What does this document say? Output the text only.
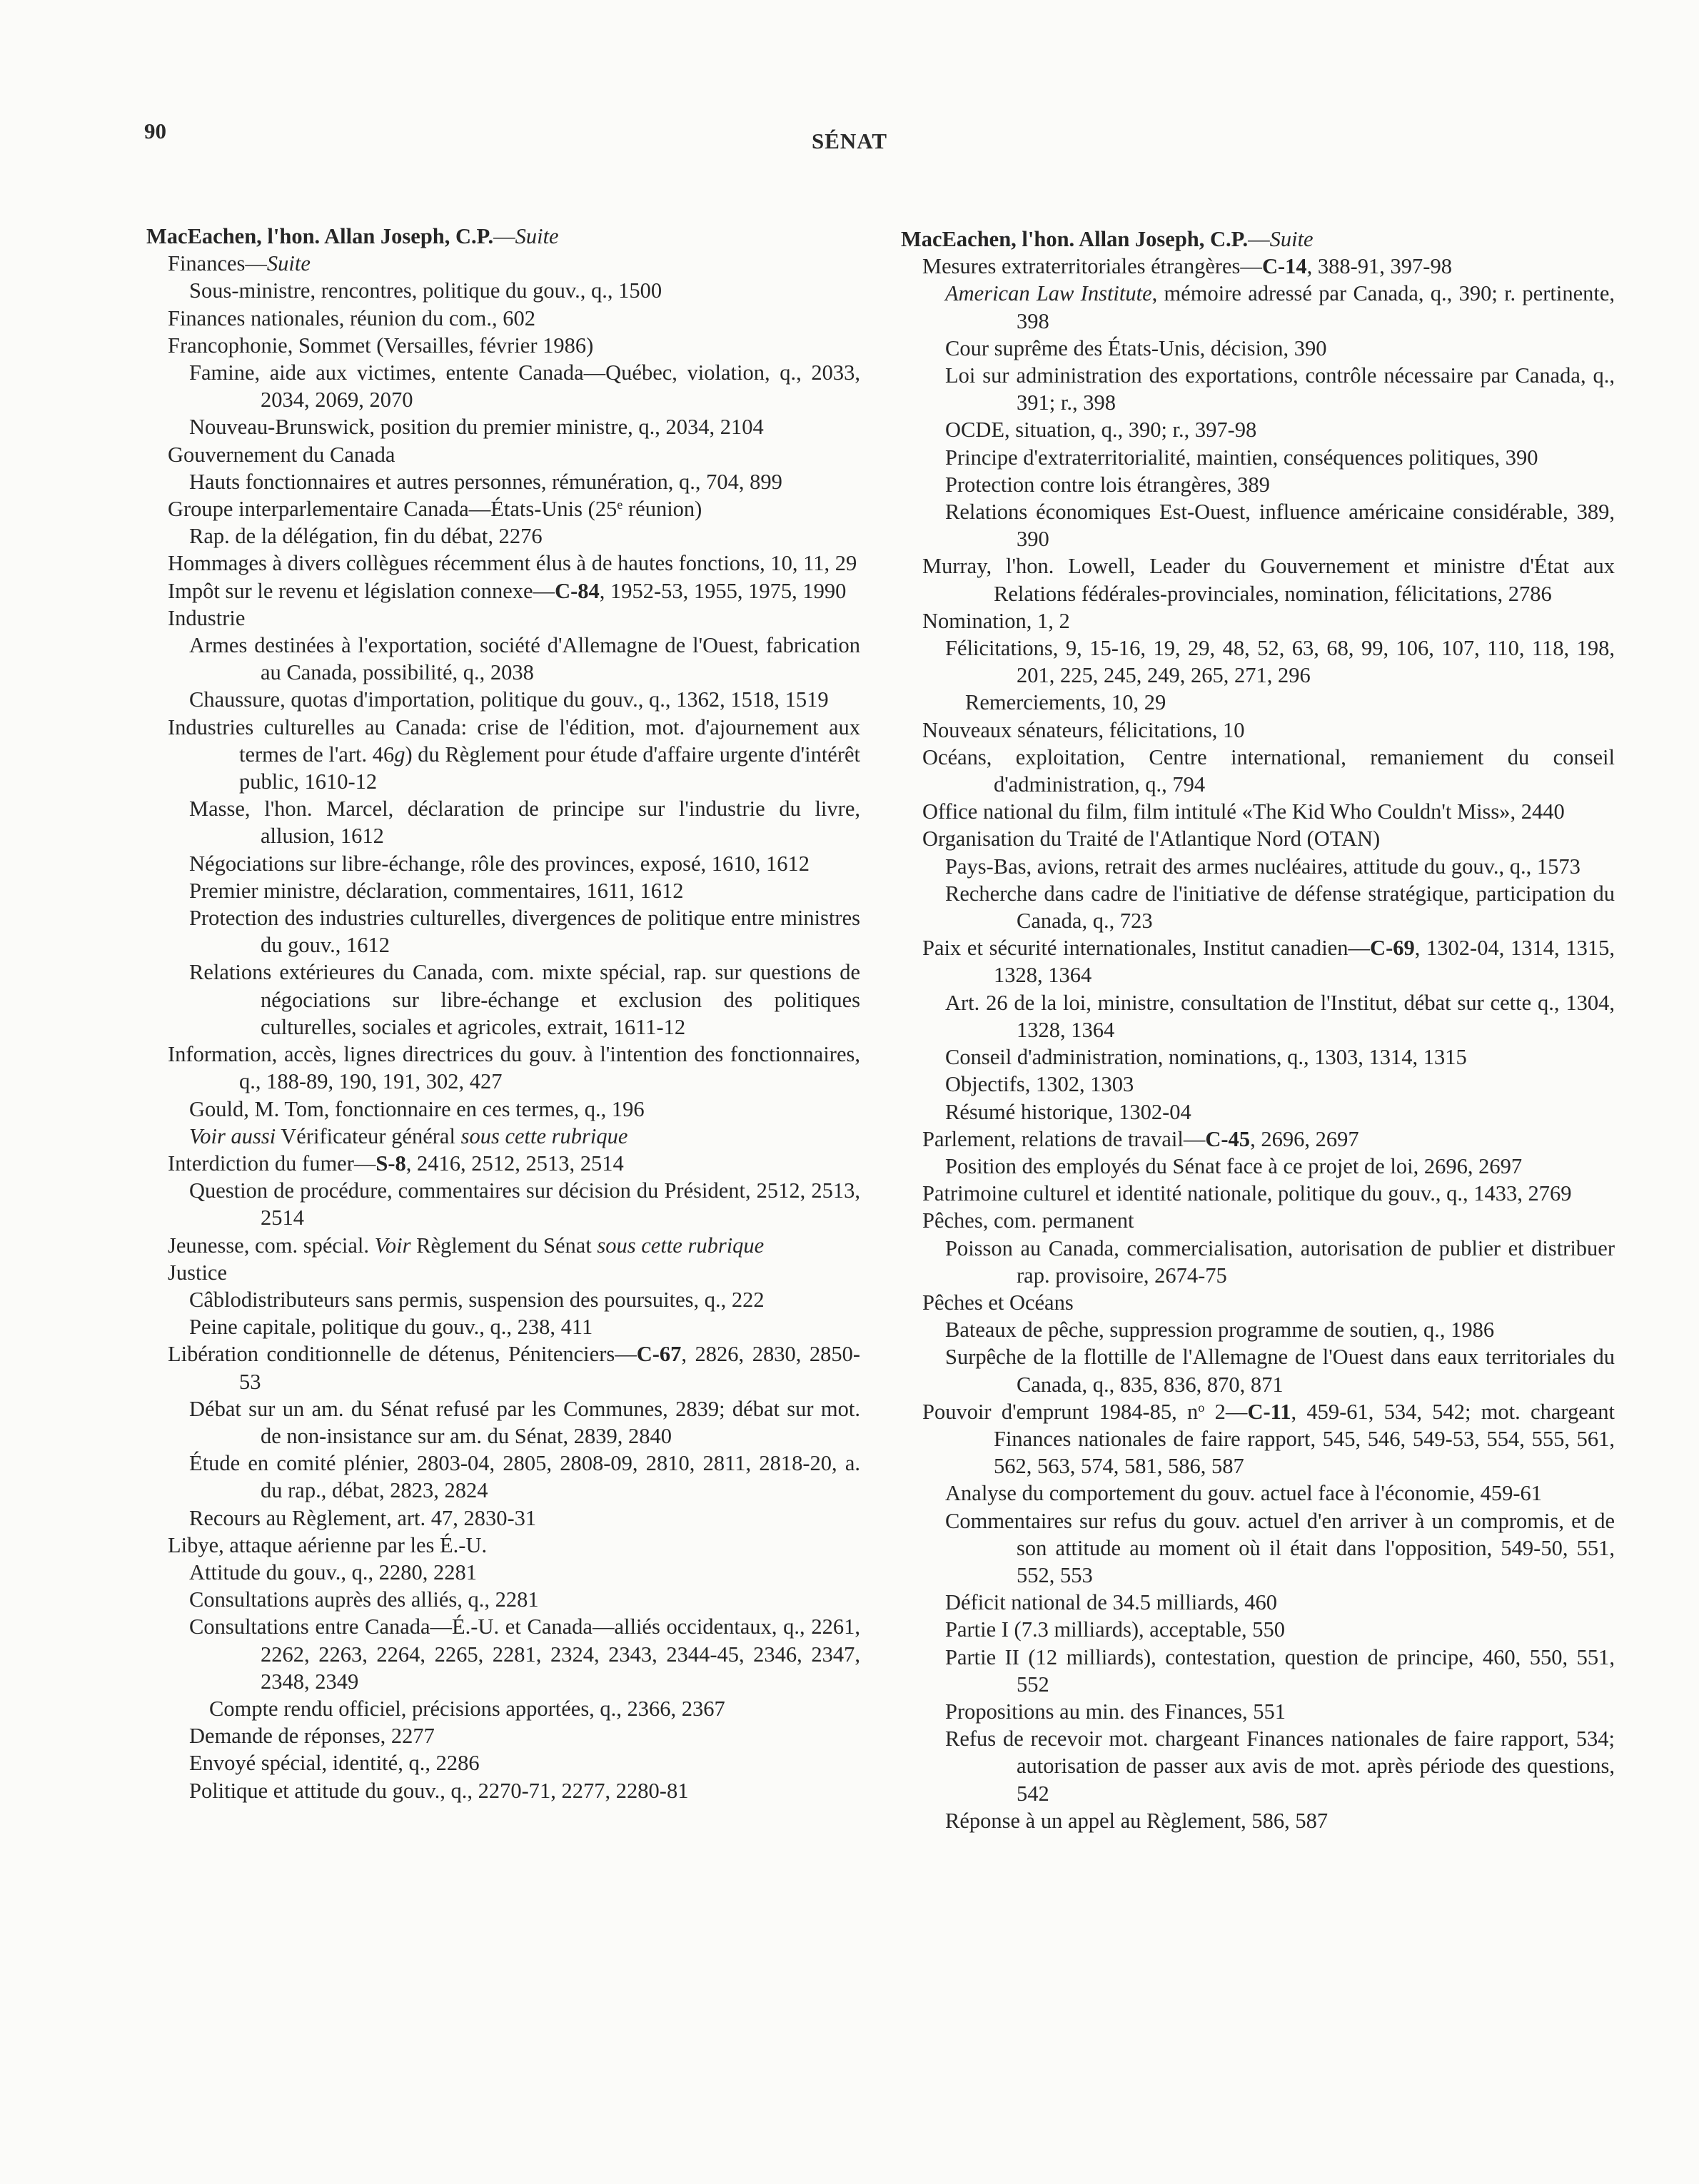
90	SÉNAT
MacEachen, l'hon. Allan Joseph, C.P.—Suite
Finances—Suite
Sous-ministre, rencontres, politique du gouv., q., 1500
Finances nationales, réunion du com., 602
Francophonie, Sommet (Versailles, février 1986)
Famine, aide aux victimes, entente Canada—Québec, violation, q., 2033, 2034, 2069, 2070
Nouveau-Brunswick, position du premier ministre, q., 2034, 2104
Gouvernement du Canada
Hauts fonctionnaires et autres personnes, rémunération, q., 704, 899
Groupe interparlementaire Canada—États-Unis (25e réunion)
Rap. de la délégation, fin du débat, 2276
Hommages à divers collègues récemment élus à de hautes fonctions, 10, 11, 29
Impôt sur le revenu et législation connexe—C-84, 1952-53, 1955, 1975, 1990
Industrie
Armes destinées à l'exportation, société d'Allemagne de l'Ouest, fabrication au Canada, possibilité, q., 2038
Chaussure, quotas d'importation, politique du gouv., q., 1362, 1518, 1519
Industries culturelles au Canada: crise de l'édition, mot. d'ajournement aux termes de l'art. 46g) du Règlement pour étude d'affaire urgente d'intérêt public, 1610-12
Masse, l'hon. Marcel, déclaration de principe sur l'industrie du livre, allusion, 1612
Négociations sur libre-échange, rôle des provinces, exposé, 1610, 1612
Premier ministre, déclaration, commentaires, 1611, 1612
Protection des industries culturelles, divergences de politique entre ministres du gouv., 1612
Relations extérieures du Canada, com. mixte spécial, rap. sur questions de négociations sur libre-échange et exclusion des politiques culturelles, sociales et agricoles, extrait, 1611-12
Information, accès, lignes directrices du gouv. à l'intention des fonctionnaires, q., 188-89, 190, 191, 302, 427
Gould, M. Tom, fonctionnaire en ces termes, q., 196
Voir aussi Vérificateur général sous cette rubrique
Interdiction du fumer—S-8, 2416, 2512, 2513, 2514
Question de procédure, commentaires sur décision du Président, 2512, 2513, 2514
Jeunesse, com. spécial. Voir Règlement du Sénat sous cette rubrique
Justice
Câblodistributeurs sans permis, suspension des poursuites, q., 222
Peine capitale, politique du gouv., q., 238, 411
Libération conditionnelle de détenus, Pénitenciers—C-67, 2826, 2830, 2850-53
Débat sur un am. du Sénat refusé par les Communes, 2839; débat sur mot. de non-insistance sur am. du Sénat, 2839, 2840
Étude en comité plénier, 2803-04, 2805, 2808-09, 2810, 2811, 2818-20, a. du rap., débat, 2823, 2824
Recours au Règlement, art. 47, 2830-31
Libye, attaque aérienne par les É.-U.
Attitude du gouv., q., 2280, 2281
Consultations auprès des alliés, q., 2281
Consultations entre Canada—É.-U. et Canada—alliés occidentaux, q., 2261, 2262, 2263, 2264, 2265, 2281, 2324, 2343, 2344-45, 2346, 2347, 2348, 2349
Compte rendu officiel, précisions apportées, q., 2366, 2367
Demande de réponses, 2277
Envoyé spécial, identité, q., 2286
Politique et attitude du gouv., q., 2270-71, 2277, 2280-81
MacEachen, l'hon. Allan Joseph, C.P.—Suite
Mesures extraterritoriales étrangères—C-14, 388-91, 397-98
American Law Institute, mémoire adressé par Canada, q., 390; r. pertinente, 398
Cour suprême des États-Unis, décision, 390
Loi sur administration des exportations, contrôle nécessaire par Canada, q., 391; r., 398
OCDE, situation, q., 390; r., 397-98
Principe d'extraterritorialité, maintien, conséquences politiques, 390
Protection contre lois étrangères, 389
Relations économiques Est-Ouest, influence américaine considérable, 389, 390
Murray, l'hon. Lowell, Leader du Gouvernement et ministre d'État aux Relations fédérales-provinciales, nomination, félicitations, 2786
Nomination, 1, 2
Félicitations, 9, 15-16, 19, 29, 48, 52, 63, 68, 99, 106, 107, 110, 118, 198, 201, 225, 245, 249, 265, 271, 296
Remerciements, 10, 29
Nouveaux sénateurs, félicitations, 10
Océans, exploitation, Centre international, remaniement du conseil d'administration, q., 794
Office national du film, film intitulé «The Kid Who Couldn't Miss», 2440
Organisation du Traité de l'Atlantique Nord (OTAN)
Pays-Bas, avions, retrait des armes nucléaires, attitude du gouv., q., 1573
Recherche dans cadre de l'initiative de défense stratégique, participation du Canada, q., 723
Paix et sécurité internationales, Institut canadien—C-69, 1302-04, 1314, 1315, 1328, 1364
Art. 26 de la loi, ministre, consultation de l'Institut, débat sur cette q., 1304, 1328, 1364
Conseil d'administration, nominations, q., 1303, 1314, 1315
Objectifs, 1302, 1303
Résumé historique, 1302-04
Parlement, relations de travail—C-45, 2696, 2697
Position des employés du Sénat face à ce projet de loi, 2696, 2697
Patrimoine culturel et identité nationale, politique du gouv., q., 1433, 2769
Pêches, com. permanent
Poisson au Canada, commercialisation, autorisation de publier et distribuer rap. provisoire, 2674-75
Pêches et Océans
Bateaux de pêche, suppression programme de soutien, q., 1986
Surpêche de la flottille de l'Allemagne de l'Ouest dans eaux territoriales du Canada, q., 835, 836, 870, 871
Pouvoir d'emprunt 1984-85, $n^o$ 2—C-11, 459-61, 534, 542; mot. chargeant Finances nationales de faire rapport, 545, 546, 549-53, 554, 555, 561, 562, 563, 574, 581, 586, 587
Analyse du comportement du gouv. actuel face à l'économie, 459-61
Commentaires sur refus du gouv. actuel d'en arriver à un compromis, et de son attitude au moment où il était dans l'opposition, 549-50, 551, 552, 553
Déficit national de 34.5 milliards, 460
Partie I (7.3 milliards), acceptable, 550
Partie II (12 milliards), contestation, question de principe, 460, 550, 551, 552
Propositions au min. des Finances, 551
Refus de recevoir mot. chargeant Finances nationales de faire rapport, 534; autorisation de passer aux avis de mot. après période des questions, 542
Réponse à un appel au Règlement, 586, 587
